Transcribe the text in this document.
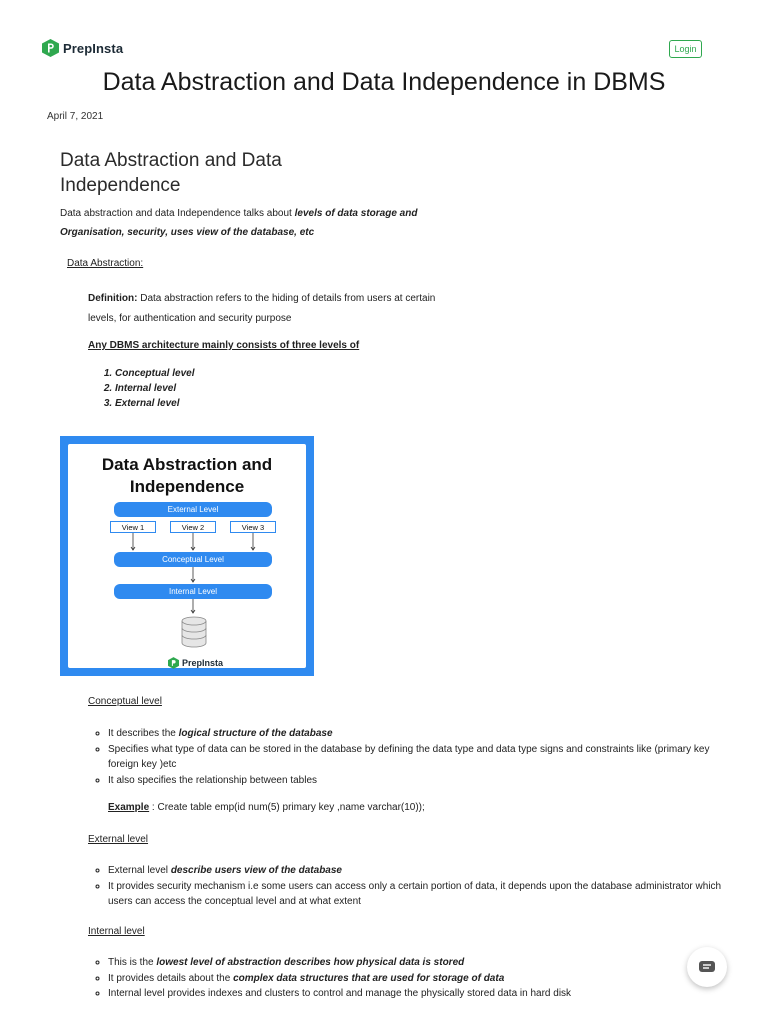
PrepInsta	Login
Data Abstraction and Data Independence in DBMS
April 7, 2021
Data Abstraction and Data Independence
Data abstraction and data Independence talks about levels of data storage and Organisation, security, uses view of the database, etc
Data Abstraction:
Definition: Data abstraction refers to the hiding of details from users at certain levels, for authentication and security purpose
Any DBMS architecture mainly consists of three levels of
1. Conceptual level
2. Internal level
3. External level
Data Abstraction and Independence
External Level
View 1	View 2	View 3
Conceptual Level
Internal Level
PrepInsta
Conceptual level
◦ It describes the logical structure of the database
◦ Specifies what type of data can be stored in the database by defining the data type and data type signs and constraints like (primary key foreign key )etc
◦ It also specifies the relationship between tables
Example : Create table emp(id num(5) primary key ,name varchar(10));
External level
◦ External level describe users view of the database
◦ It provides security mechanism i.e some users can access only a certain portion of data, it depends upon the database administrator which users can access the conceptual level and at what extent
Internal level
◦ This is the lowest level of abstraction describes how physical data is stored
◦ It provides details about the complex data structures that are used for storage of data
◦ Internal level provides indexes and clusters to control and manage the physically stored data in hard disk
